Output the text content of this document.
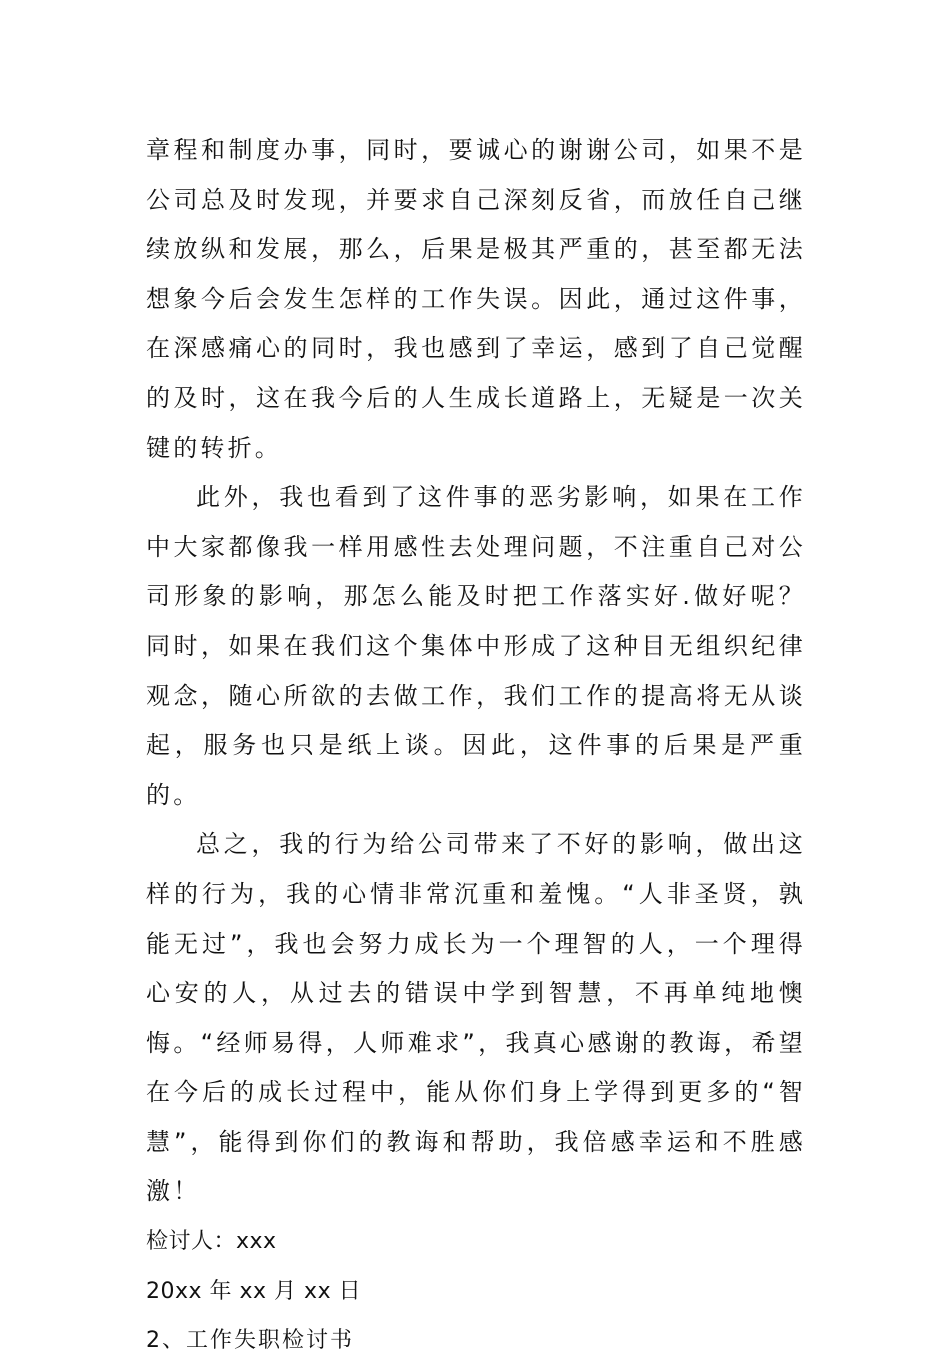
章程和制度办事，同时，要诚心的谢谢公司，如果不是公司总及时发现，并要求自己深刻反省，而放任自己继续放纵和发展，那么，后果是极其严重的，甚至都无法想象今后会发生怎样的工作失误。因此，通过这件事，在深感痛心的同时，我也感到了幸运，感到了自己觉醒的及时，这在我今后的人生成长道路上，无疑是一次关键的转折。

此外，我也看到了这件事的恶劣影响，如果在工作中大家都像我一样用感性去处理问题，不注重自己对公司形象的影响，那怎么能及时把工作落实好.做好呢？同时，如果在我们这个集体中形成了这种目无组织纪律观念，随心所欲的去做工作，我们工作的提高将无从谈起，服务也只是纸上谈。因此，这件事的后果是严重的。

总之，我的行为给公司带来了不好的影响，做出这样的行为，我的心情非常沉重和羞愧。“人非圣贤，孰能无过”，我也会努力成长为一个理智的人，一个理得心安的人，从过去的错误中学到智慧，不再单纯地懊悔。“经师易得，人师难求”，我真心感谢的教诲，希望在今后的成长过程中，能从你们身上学得到更多的“智慧”，能得到你们的教诲和帮助，我倍感幸运和不胜感激！

检讨人：xxx

20xx 年 xx 月 xx 日

2、工作失职检讨书
